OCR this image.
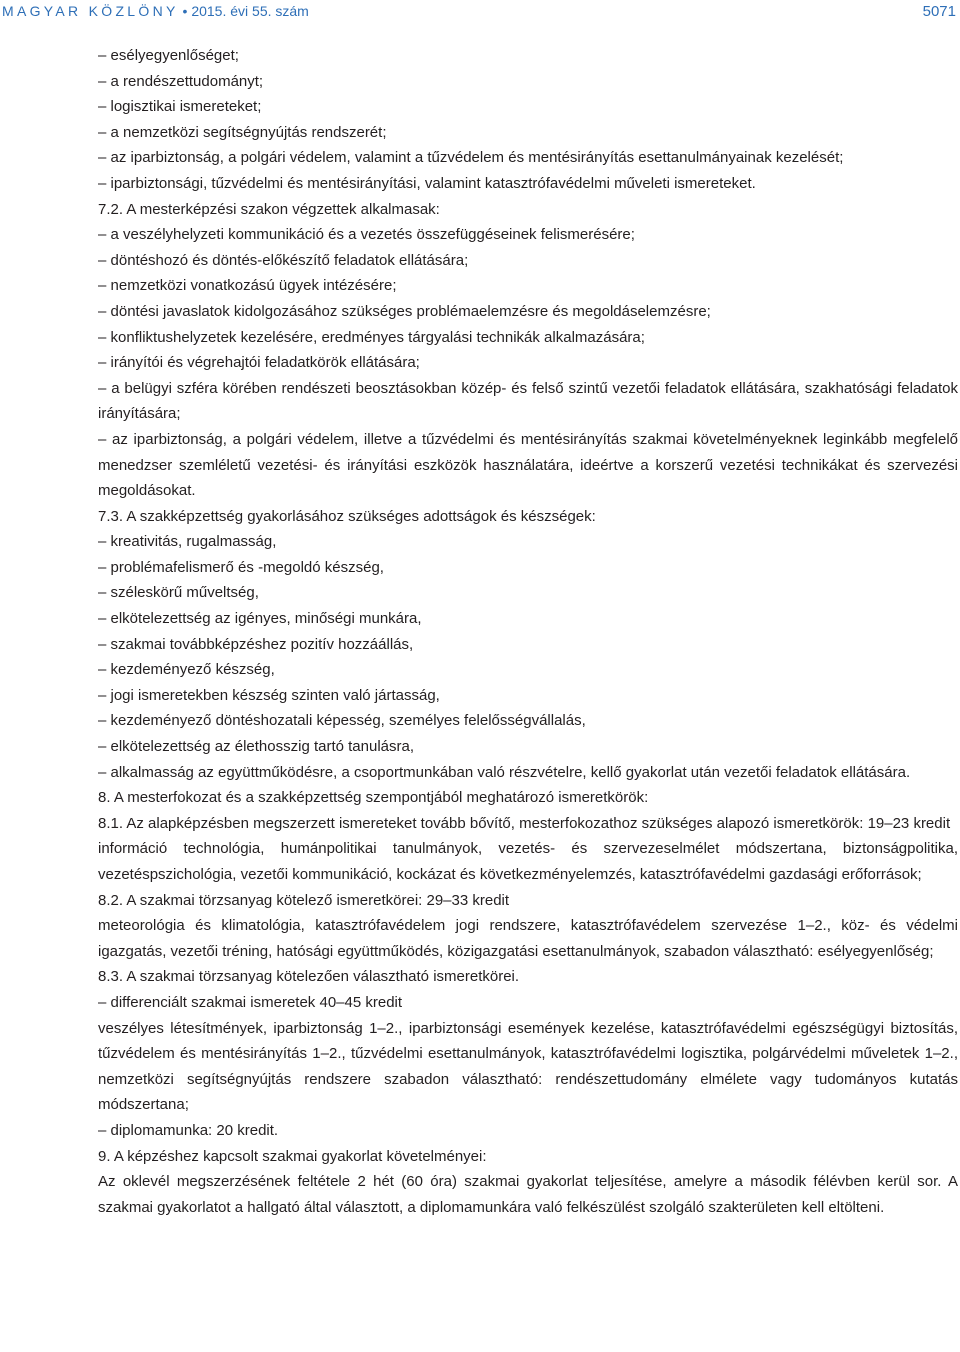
MAGYAR KÖZLÖNY • 2015. évi 55. szám	5071

– esélyegyenlőséget;

– a rendészettudományt;

– logisztikai ismereteket;

– a nemzetközi segítségnyújtás rendszerét;

– az iparbiztonság, a polgári védelem, valamint a tűzvédelem és mentésirányítás esettanulmányainak kezelését;

– iparbiztonsági, tűzvédelmi és mentésirányítási, valamint katasztrófavédelmi műveleti ismereteket.

7.2. A mesterképzési szakon végzettek alkalmasak:

– a veszélyhelyzeti kommunikáció és a vezetés összefüggéseinek felismerésére;

– döntéshozó és döntés-előkészítő feladatok ellátására;

– nemzetközi vonatkozású ügyek intézésére;

– döntési javaslatok kidolgozásához szükséges problémaelemzésre és megoldáselemzésre;

– konfliktushelyzetek kezelésére, eredményes tárgyalási technikák alkalmazására;

– irányítói és végrehajtói feladatkörök ellátására;

– a belügyi szféra körében rendészeti beosztásokban közép- és felső szintű vezetői feladatok ellátására, szakhatósági feladatok irányítására;

– az iparbiztonság, a polgári védelem, illetve a tűzvédelmi és mentésirányítás szakmai követelményeknek leginkább megfelelő menedzser szemléletű vezetési- és irányítási eszközök használatára, ideértve a korszerű vezetési technikákat és szervezési megoldásokat.

7.3. A szakképzettség gyakorlásához szükséges adottságok és készségek:

– kreativitás, rugalmasság,

– problémafelismerő és -megoldó készség,

– széleskörű műveltség,

– elkötelezettség az igényes, minőségi munkára,

– szakmai továbbképzéshez pozitív hozzáállás,

– kezdeményező készség,

– jogi ismeretekben készség szinten való jártasság,

– kezdeményező döntéshozatali képesség, személyes felelősségvállalás,

– elkötelezettség az élethosszig tartó tanulásra,

– alkalmasság az együttműködésre, a csoportmunkában való részvételre, kellő gyakorlat után vezetői feladatok ellátására.

8. A mesterfokozat és a szakképzettség szempontjából meghatározó ismeretkörök:

8.1. Az alapképzésben megszerzett ismereteket tovább bővítő, mesterfokozathoz szükséges alapozó ismeretkörök: 19–23 kredit

információ technológia, humánpolitikai tanulmányok, vezetés- és szervezeselmélet módszertana, biztonságpolitika, vezetéspszichológia, vezetői kommunikáció, kockázat és következményelemzés, katasztrófavédelmi gazdasági erőforrások;

8.2. A szakmai törzsanyag kötelező ismeretkörei: 29–33 kredit

meteorológia és klimatológia, katasztrófavédelem jogi rendszere, katasztrófavédelem szervezése 1–2., köz- és védelmi igazgatás, vezetői tréning, hatósági együttműködés, közigazgatási esettanulmányok, szabadon választható: esélyegyenlőség;

8.3. A szakmai törzsanyag kötelezően választható ismeretkörei.

– differenciált szakmai ismeretek 40–45 kredit

veszélyes létesítmények, iparbiztonság 1–2., iparbiztonsági események kezelése, katasztrófavédelmi egészségügyi biztosítás, tűzvédelem és mentésirányítás 1–2., tűzvédelmi esettanulmányok, katasztrófavédelmi logisztika, polgárvédelmi műveletek 1–2., nemzetközi segítségnyújtás rendszere szabadon választható: rendészettudomány elmélete vagy tudományos kutatás módszertana;

– diplomamunka: 20 kredit.

9. A képzéshez kapcsolt szakmai gyakorlat követelményei:

Az oklevél megszerzésének feltétele 2 hét (60 óra) szakmai gyakorlat teljesítése, amelyre a második félévben kerül sor. A szakmai gyakorlatot a hallgató által választott, a diplomamunkára való felkészülést szolgáló szakterületen kell eltölteni.
